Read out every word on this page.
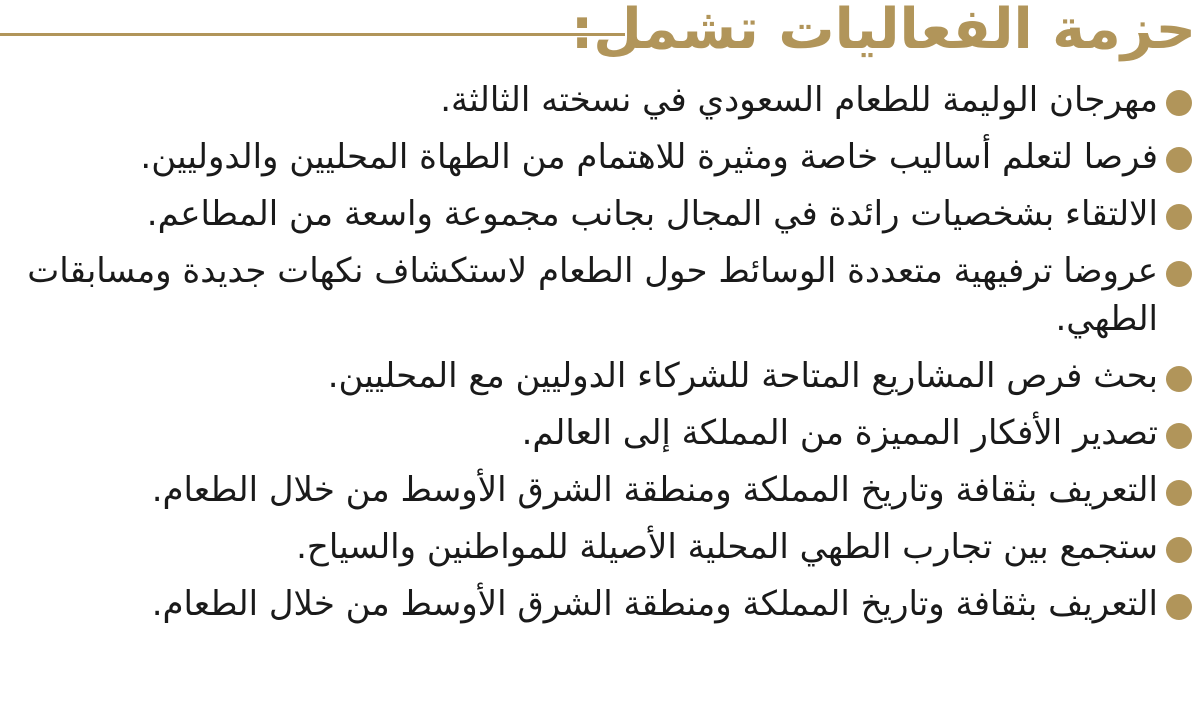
حزمة الفعاليات تشمل:
مهرجان الوليمة للطعام السعودي في نسخته الثالثة.
فرصا لتعلم أساليب خاصة ومثيرة للاهتمام من الطهاة المحليين والدوليين.
الالتقاء بشخصيات رائدة في المجال بجانب مجموعة واسعة من المطاعم.
عروضا ترفيهية متعددة الوسائط حول الطعام لاستكشاف نكهات جديدة ومسابقات الطهي.
بحث فرص المشاريع المتاحة للشركاء الدوليين مع المحليين.
تصدير الأفكار المميزة من المملكة إلى العالم.
التعريف بثقافة وتاريخ المملكة ومنطقة الشرق الأوسط من خلال الطعام.
ستجمع بين تجارب الطهي المحلية الأصيلة للمواطنين والسياح.
التعريف بثقافة وتاريخ المملكة ومنطقة الشرق الأوسط من خلال الطعام.
